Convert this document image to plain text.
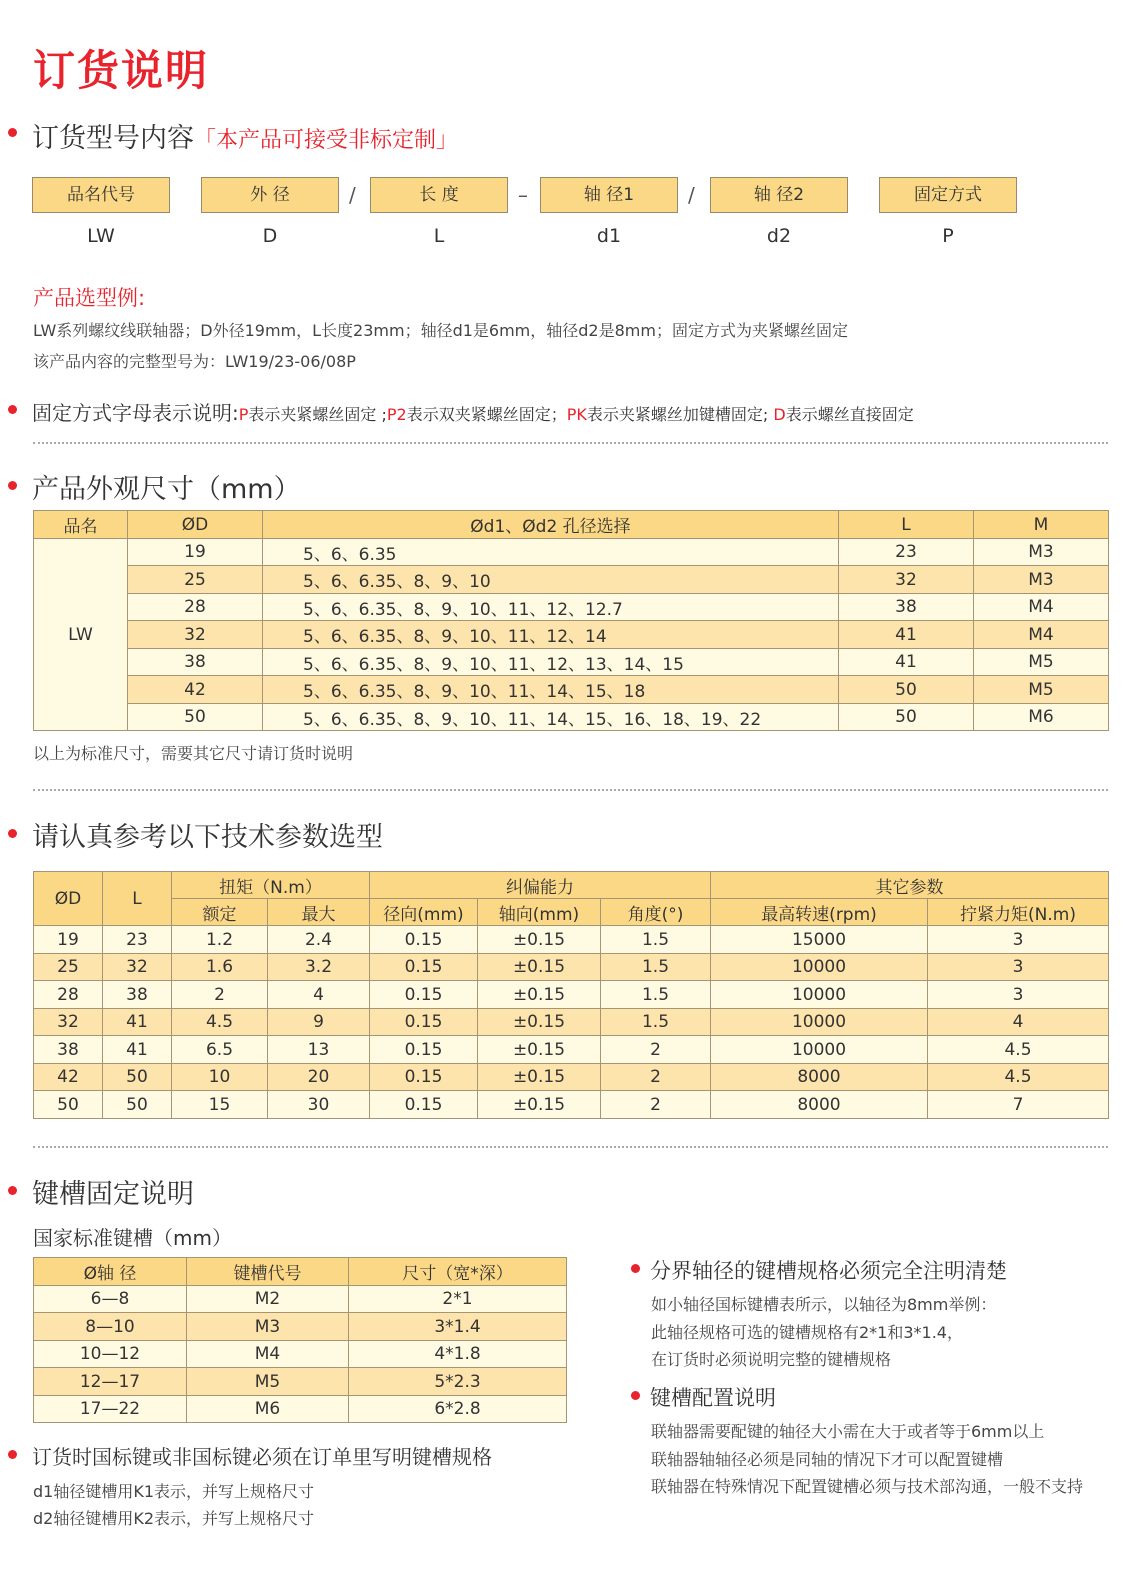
订货说明
订货型号内容「本产品可接受非标定制」
品名代号	外 径	长 度	轴 径1	轴 径2	固定方式
/	–	/
LW	D	L	d1	d2	P
产品选型例:
LW系列螺纹线联轴器；D外径19mm，L长度23mm；轴径d1是6mm，轴径d2是8mm；固定方式为夹紧螺丝固定
该产品内容的完整型号为：LW19/23-06/08P
固定方式字母表示说明:P表示夹紧螺丝固定 ;P2表示双夹紧螺丝固定；PK表示夹紧螺丝加键槽固定; D表示螺丝直接固定
产品外观尺寸（mm）
品名	ØD	Ød1、Ød2 孔径选择	L	M
LW	19	5、6、6.35	23	M3
	25	5、6、6.35、8、9、10	32	M3
	28	5、6、6.35、8、9、10、11、12、12.7	38	M4
	32	5、6、6.35、8、9、10、11、12、14	41	M4
	38	5、6、6.35、8、9、10、11、12、13、14、15	41	M5
	42	5、6、6.35、8、9、10、11、14、15、18	50	M5
	50	5、6、6.35、8、9、10、11、14、15、16、18、19、22	50	M6
以上为标准尺寸，需要其它尺寸请订货时说明
请认真参考以下技术参数选型
ØD	L	扭矩（N.m）		纠偏能力			其它参数	
		额定	最大	径向(mm)	轴向(mm)	角度(°)	最高转速(rpm)	拧紧力矩(N.m)
19	23	1.2	2.4	0.15	±0.15	1.5	15000	3
25	32	1.6	3.2	0.15	±0.15	1.5	10000	3
28	38	2	4	0.15	±0.15	1.5	10000	3
32	41	4.5	9	0.15	±0.15	1.5	10000	4
38	41	6.5	13	0.15	±0.15	2	10000	4.5
42	50	10	20	0.15	±0.15	2	8000	4.5
50	50	15	30	0.15	±0.15	2	8000	7
键槽固定说明
国家标准键槽（mm）
Ø轴 径	键槽代号	尺寸（宽*深）
6—8	M2	2*1
8—10	M3	3*1.4
10—12	M4	4*1.8
12—17	M5	5*2.3
17—22	M6	6*2.8
订货时国标键或非国标键必须在订单里写明键槽规格
d1轴径键槽用K1表示，并写上规格尺寸
d2轴径键槽用K2表示，并写上规格尺寸
分界轴径的键槽规格必须完全注明清楚
如小轴径国标键槽表所示，以轴径为8mm举例：
此轴径规格可选的键槽规格有2*1和3*1.4，
在订货时必须说明完整的键槽规格
键槽配置说明
联轴器需要配键的轴径大小需在大于或者等于6mm以上
联轴器轴轴径必须是同轴的情况下才可以配置键槽
联轴器在特殊情况下配置键槽必须与技术部沟通，一般不支持
